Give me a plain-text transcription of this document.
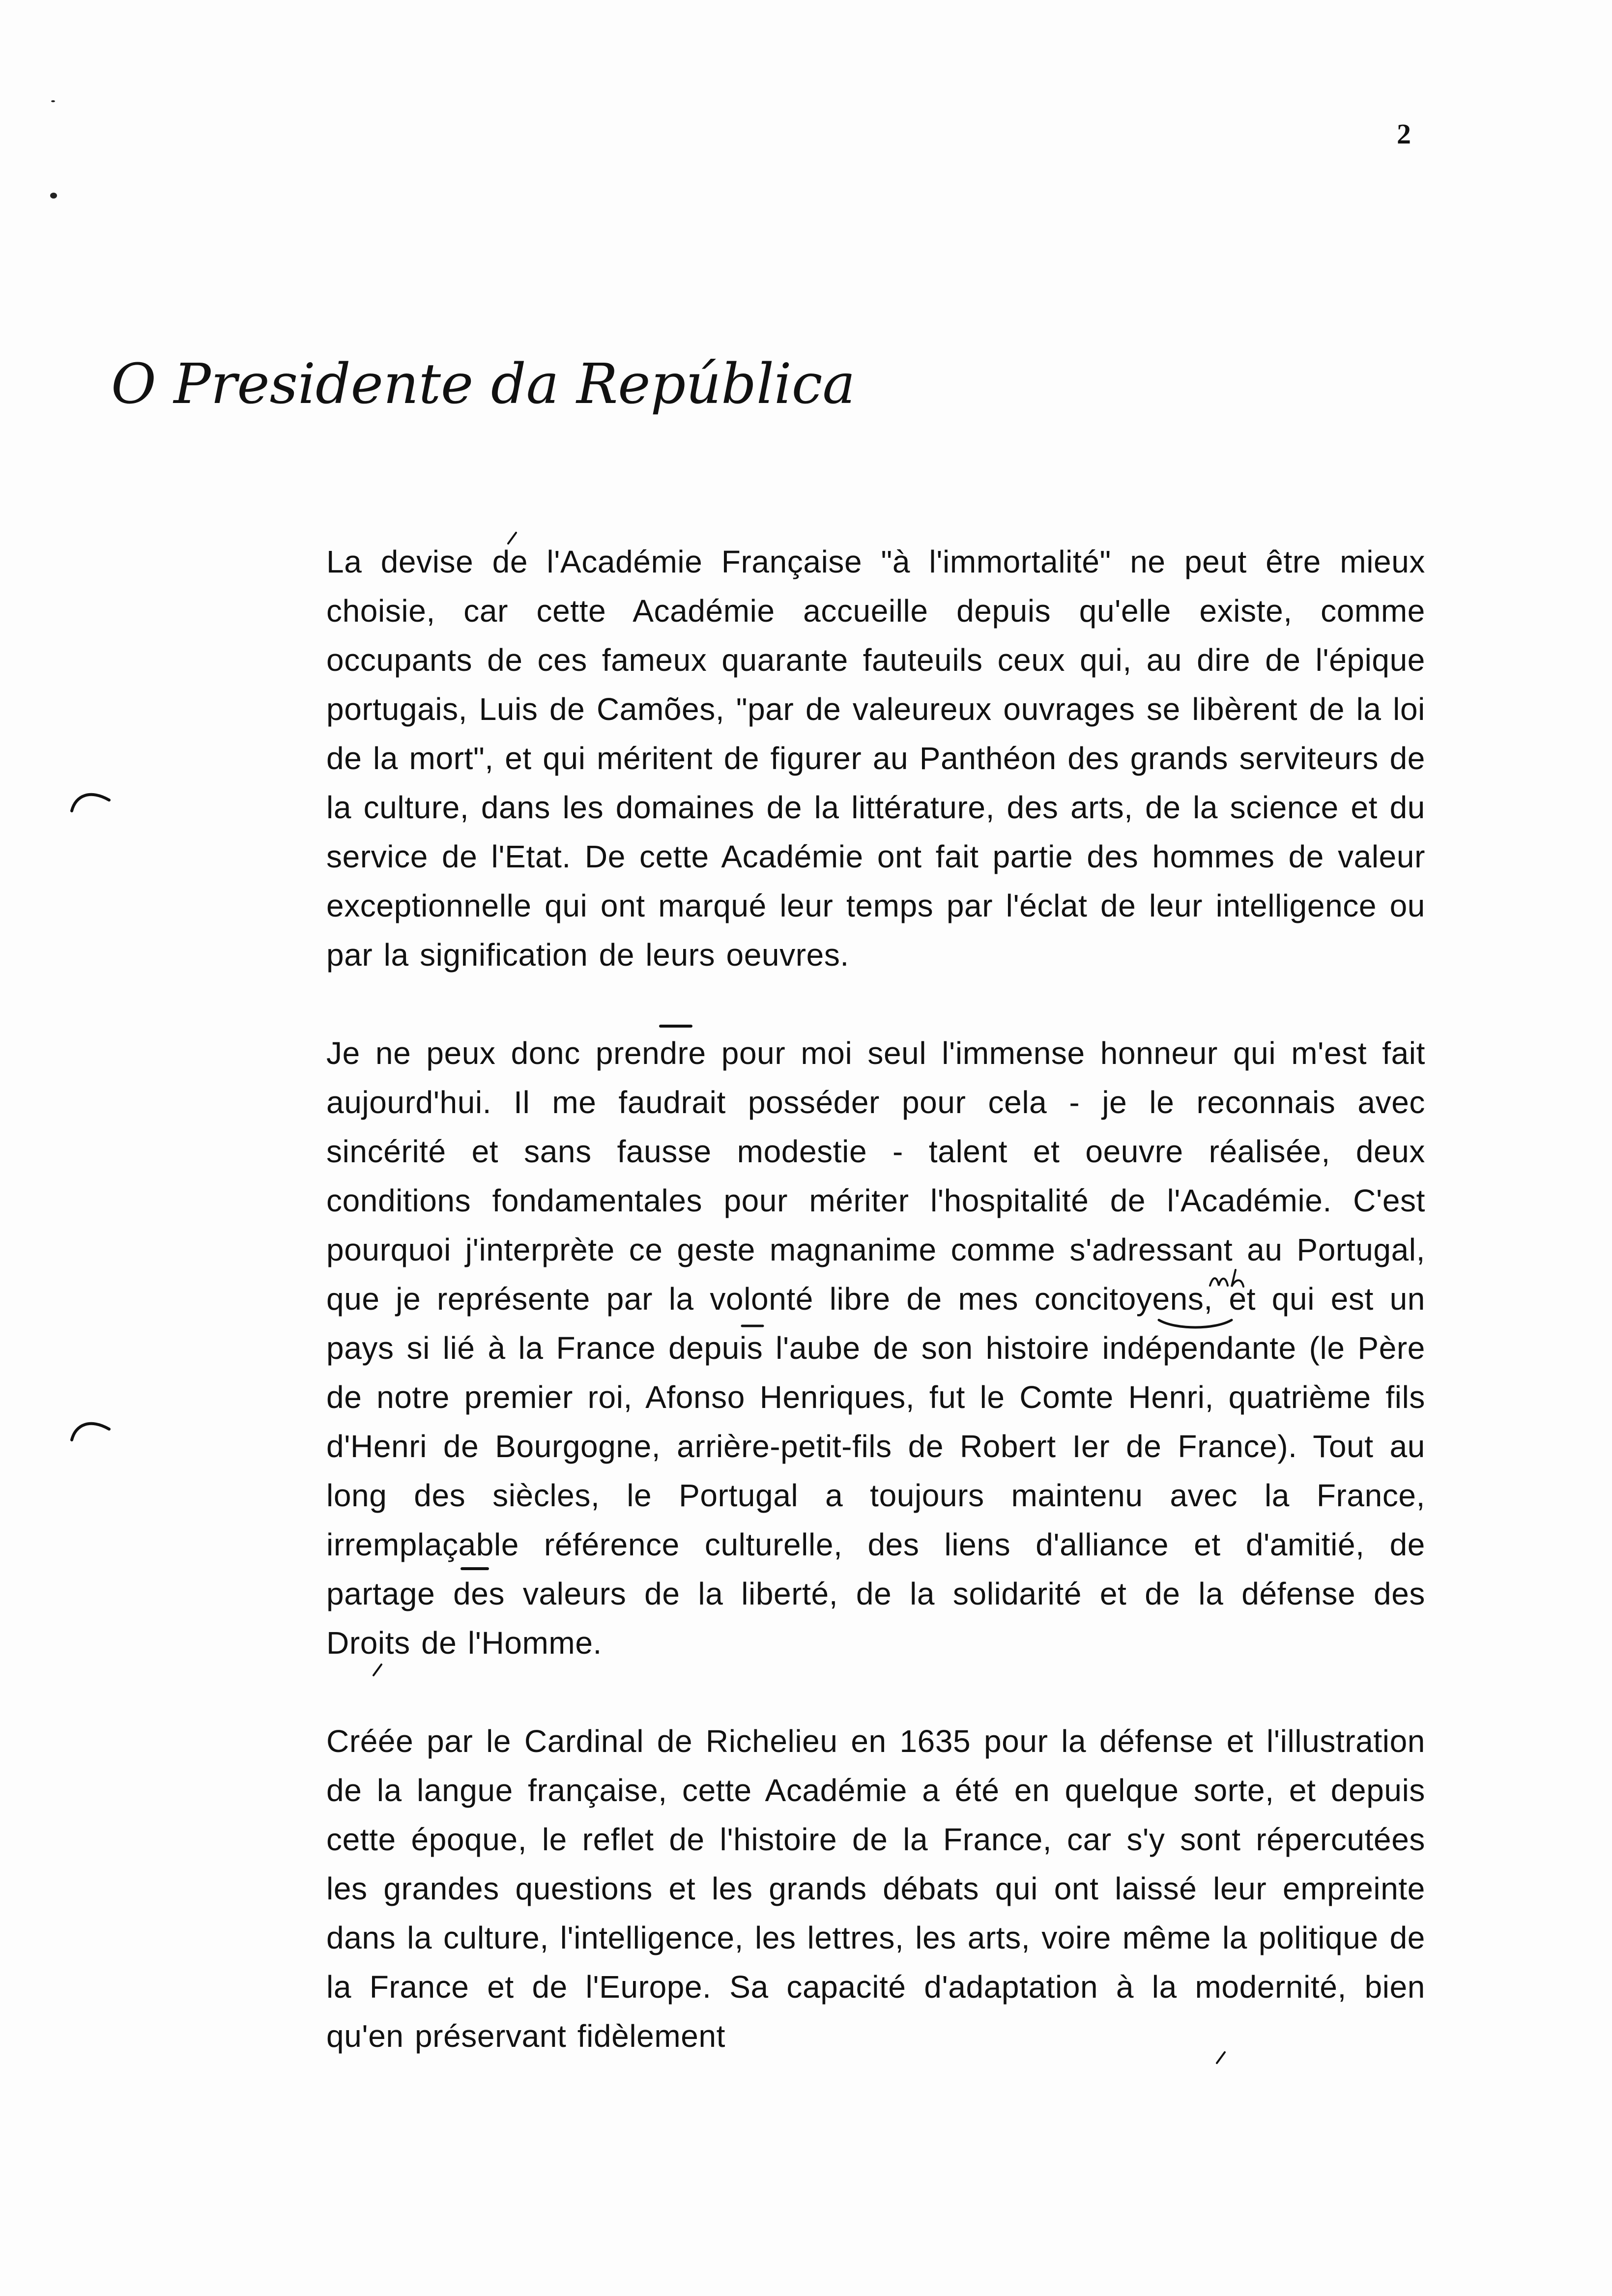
2
O Presidente da República

La devise de l'Académie Française "à l'immortalité" ne peut être mieux choisie, car cette Académie accueille depuis qu'elle existe, comme occupants de ces fameux quarante fauteuils ceux qui, au dire de l'épique portugais, Luis de Camões, "par de valeureux ouvrages se libèrent de la loi de la mort", et qui méritent de figurer au Panthéon des grands serviteurs de la culture, dans les domaines de la littérature, des arts, de la science et du service de l'Etat. De cette Académie ont fait partie des hommes de valeur exceptionnelle qui ont marqué leur temps par l'éclat de leur intelligence ou par la signification de leurs oeuvres.

Je ne peux donc prendre pour moi seul l'immense honneur qui m'est fait aujourd'hui. Il me faudrait posséder pour cela - je le reconnais avec sincérité et sans fausse modestie - talent et oeuvre réalisée, deux conditions fondamentales pour mériter l'hospitalité de l'Académie. C'est pourquoi j'interprète ce geste magnanime comme s'adressant au Portugal, que je représente par la volonté libre de mes concitoyens, et qui est un pays si lié à la France depuis l'aube de son histoire indépendante (le Père de notre premier roi, Afonso Henriques, fut le Comte Henri, quatrième fils d'Henri de Bourgogne, arrière-petit-fils de Robert Ier de France). Tout au long des siècles, le Portugal a toujours maintenu avec la France, irremplaçable référence culturelle, des liens d'alliance et d'amitié, de partage des valeurs de la liberté, de la solidarité et de la défense des Droits de l'Homme.

Créée par le Cardinal de Richelieu en 1635 pour la défense et l'illustration de la langue française, cette Académie a été en quelque sorte, et depuis cette époque, le reflet de l'histoire de la France, car s'y sont répercutées les grandes questions et les grands débats qui ont laissé leur empreinte dans la culture, l'intelligence, les lettres, les arts, voire même la politique de la France et de l'Europe. Sa capacité d'adaptation à la modernité, bien qu'en préservant fidèlement
